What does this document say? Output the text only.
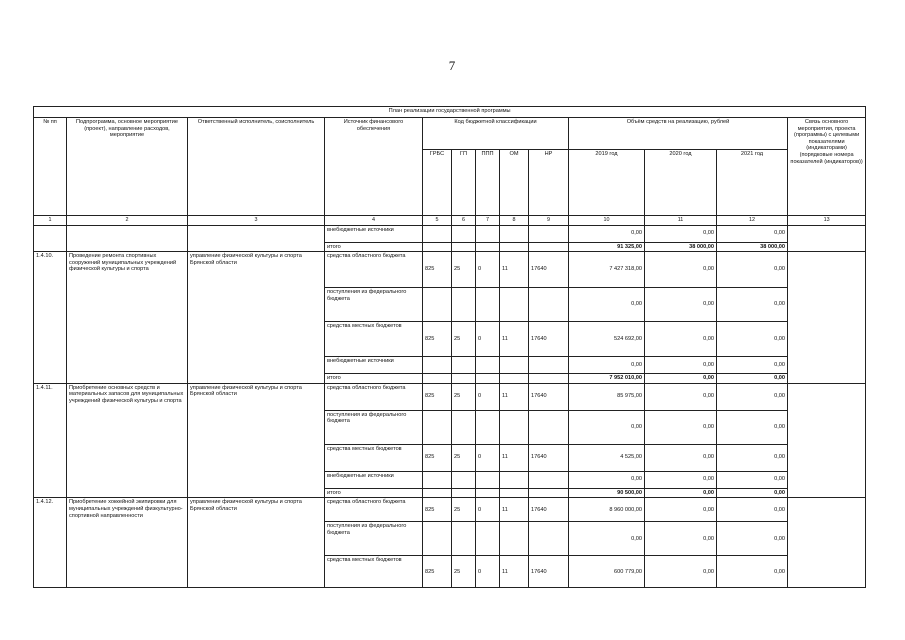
7
План реализации государственной программы												
№ пп	Подпрограмма, основное мероприятие (проект), направление расходов, мероприятие	Ответственный исполнитель, соисполнитель	Источник финансового обеспечения	Код бюджетной классификации					Объём средств на реализацию, рублей			Связь основного мероприятия, проекта (программы) с целевыми показателями (индикаторами) (порядковые номера показателей (индикаторов))
				ГРБС	ГП	ППП	ОМ	НР	2019 год	2020 год	2021 год	
1	2	3	4	5	6	7	8	9	10	11	12	13
			внебюджетные источники						0,00	0,00	0,00	
			итого						91 325,00	38 000,00	38 000,00	
1.4.10.	Проведение ремонта спортивных сооружений муниципальных учреждений физической культуры и спорта	управление физической культуры и спорта Брянской области	средства областного бюджета	825	25	0	11	17640	7 427 318,00	0,00	0,00	
			поступления из федерального бюджета						0,00	0,00	0,00	
			средства местных бюджетов	825	25	0	11	17640	524 692,00	0,00	0,00	
			внебюджетные источники						0,00	0,00	0,00	
			итого						7 952 010,00	0,00	0,00	
1.4.11.	Приобретение основных средств и материальных запасов для муниципальных учреждений физической культуры и спорта	управление физической культуры и спорта Брянской области	средства областного бюджета	825	25	0	11	17640	85 975,00	0,00	0,00	
			поступления из федерального бюджета						0,00	0,00	0,00	
			средства местных бюджетов	825	25	0	11	17640	4 525,00	0,00	0,00	
			внебюджетные источники						0,00	0,00	0,00	
			итого						90 500,00	0,00	0,00	
1.4.12.	Приобретение хоккейной экипировки для муниципальных учреждений физкультурно-спортивной направленности	управление физической культуры и спорта Брянской области	средства областного бюджета	825	25	0	11	17640	8 960 000,00	0,00	0,00	
			поступления из федерального бюджета						0,00	0,00	0,00	
			средства местных бюджетов	825	25	0	11	17640	600 779,00	0,00	0,00	
